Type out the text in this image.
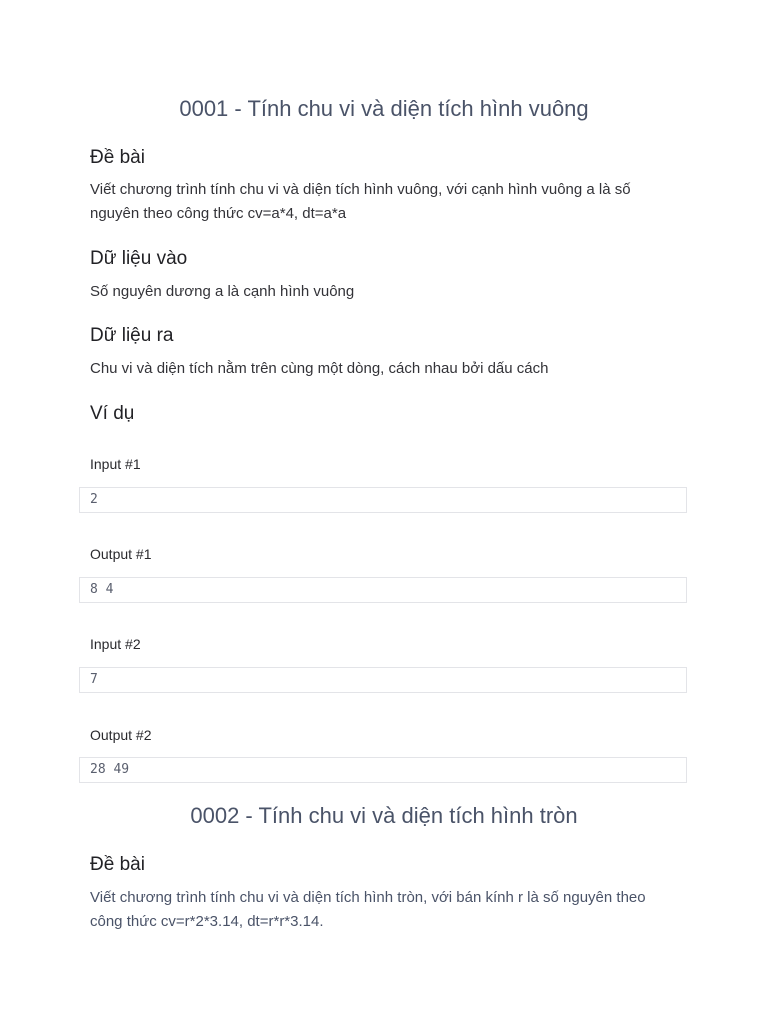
0001 - Tính chu vi và diện tích hình vuông
Đề bài

Viết chương trình tính chu vi và diện tích hình vuông, với cạnh hình vuông a là số nguyên theo công thức cv=a*4, dt=a*a

Dữ liệu vào

Số nguyên dương a là cạnh hình vuông

Dữ liệu ra

Chu vi và diện tích nằm trên cùng một dòng, cách nhau bởi dấu cách

Ví dụ
Input #1
2
Output #1
8 4
Input #2
7
Output #2
28 49
0002 - Tính chu vi và diện tích hình tròn
Đề bài

Viết chương trình tính chu vi và diện tích hình tròn, với bán kính r là số nguyên theo công thức cv=r*2*3.14, dt=r*r*3.14.
